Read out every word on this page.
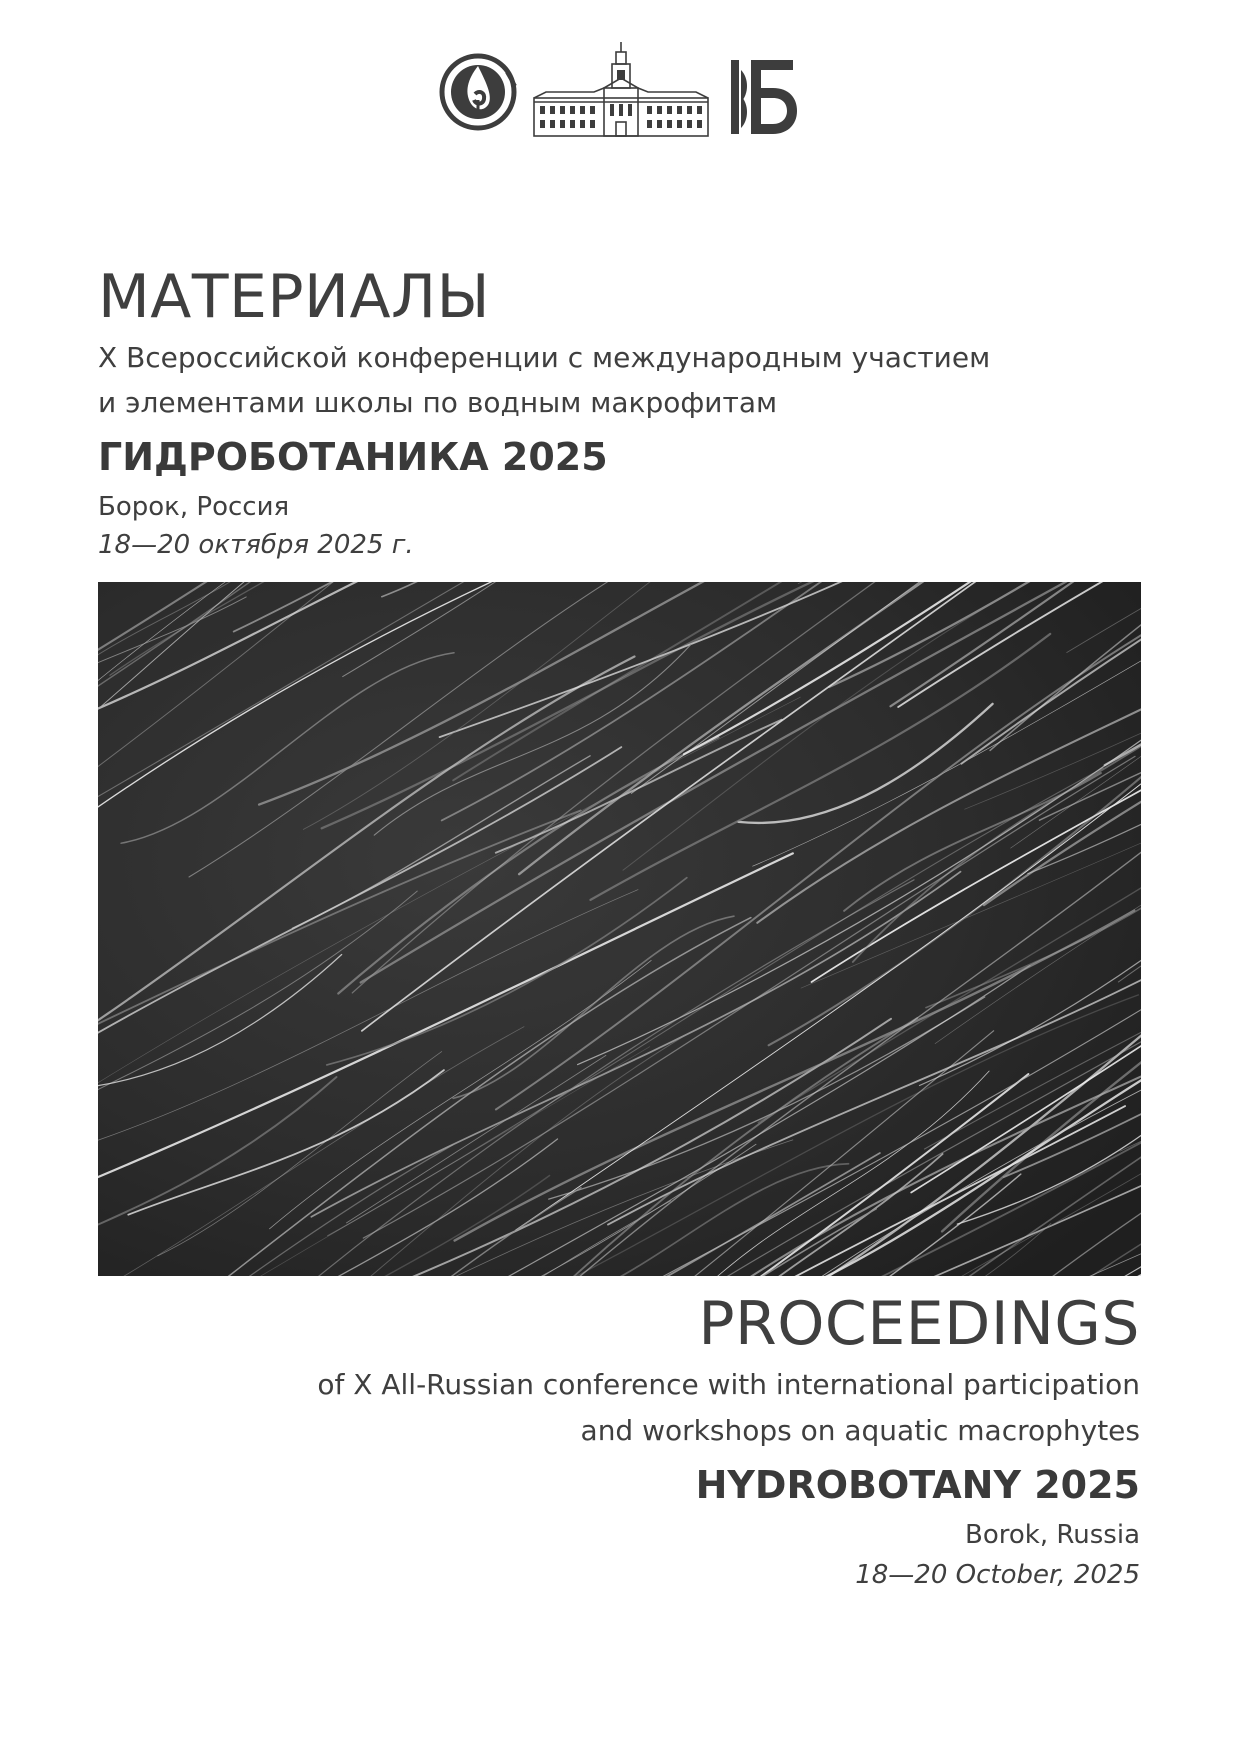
МАТЕРИАЛЫ

X Всероссийской конференции с международным участием

и элементами школы по водным макрофитам

ГИДРОБОТАНИКА 2025
Борок, Россия
18—20 октября 2025 г.
PROCEEDINGS

of X All-Russian conference with international participation

and workshops on aquatic macrophytes

HYDROBOTANY 2025
Borok, Russia
18—20 October, 2025
